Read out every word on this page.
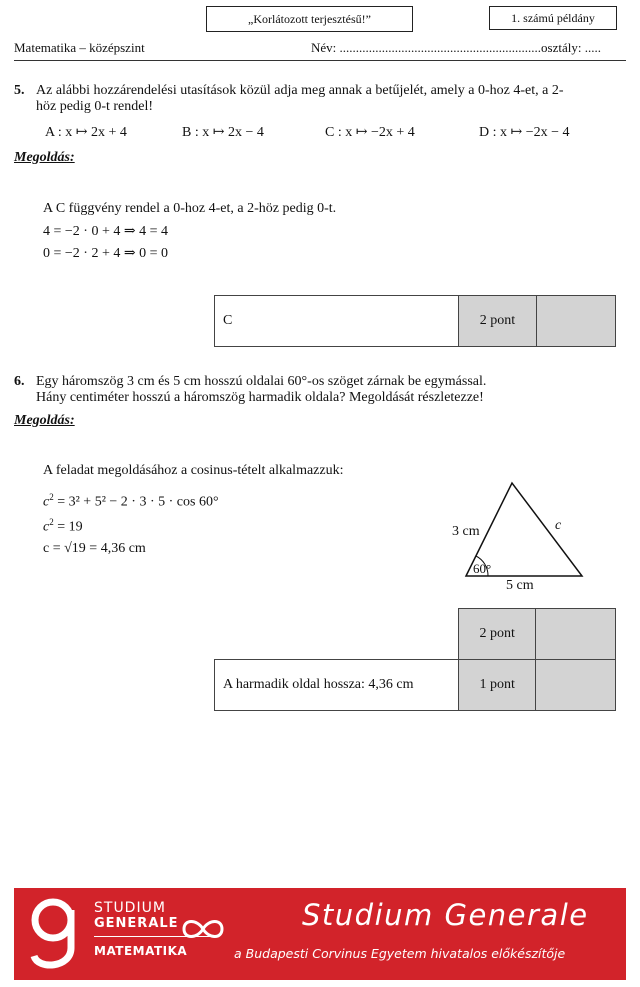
„Korlátozott terjesztésű!”	1. számú példány
Matematika – középszint	Név: ..............................................................osztály: .....
5. Az alábbi hozzárendelési utasítások közül adja meg annak a betűjelét, amely a 0-hoz 4-et, a 2-
höz pedig 0-t rendel!
A : x ↦ 2x + 4	B : x ↦ 2x − 4	C : x ↦ −2x + 4	D : x ↦ −2x − 4
Megoldás:
A C függvény rendel a 0-hoz 4-et, a 2-höz pedig 0-t.
4 = −2 · 0 + 4 ⇒ 4 = 4
0 = −2 · 2 + 4 ⇒ 0 = 0
C	2 pont	
6. Egy háromszög 3 cm és 5 cm hosszú oldalai 60°-os szöget zárnak be egymással.
Hány centiméter hosszú a háromszög harmadik oldala? Megoldását részletezze!
Megoldás:
A feladat megoldásához a cosinus-tételt alkalmazzuk:
$c^2 = 3^2 + 5^2 - 2 \cdot 3 \cdot 5 \cdot \cos 60^\circ$
$c^2 = 19$
c = √19 = 4,36 cm
3 cm	c
60°
5 cm
	2 pont	
A harmadik oldal hossza: 4,36 cm	1 pont	
STUDIUM
GENERALE
MATEMATIKA
Studium Generale
a Budapesti Corvinus Egyetem hivatalos előkészítője
